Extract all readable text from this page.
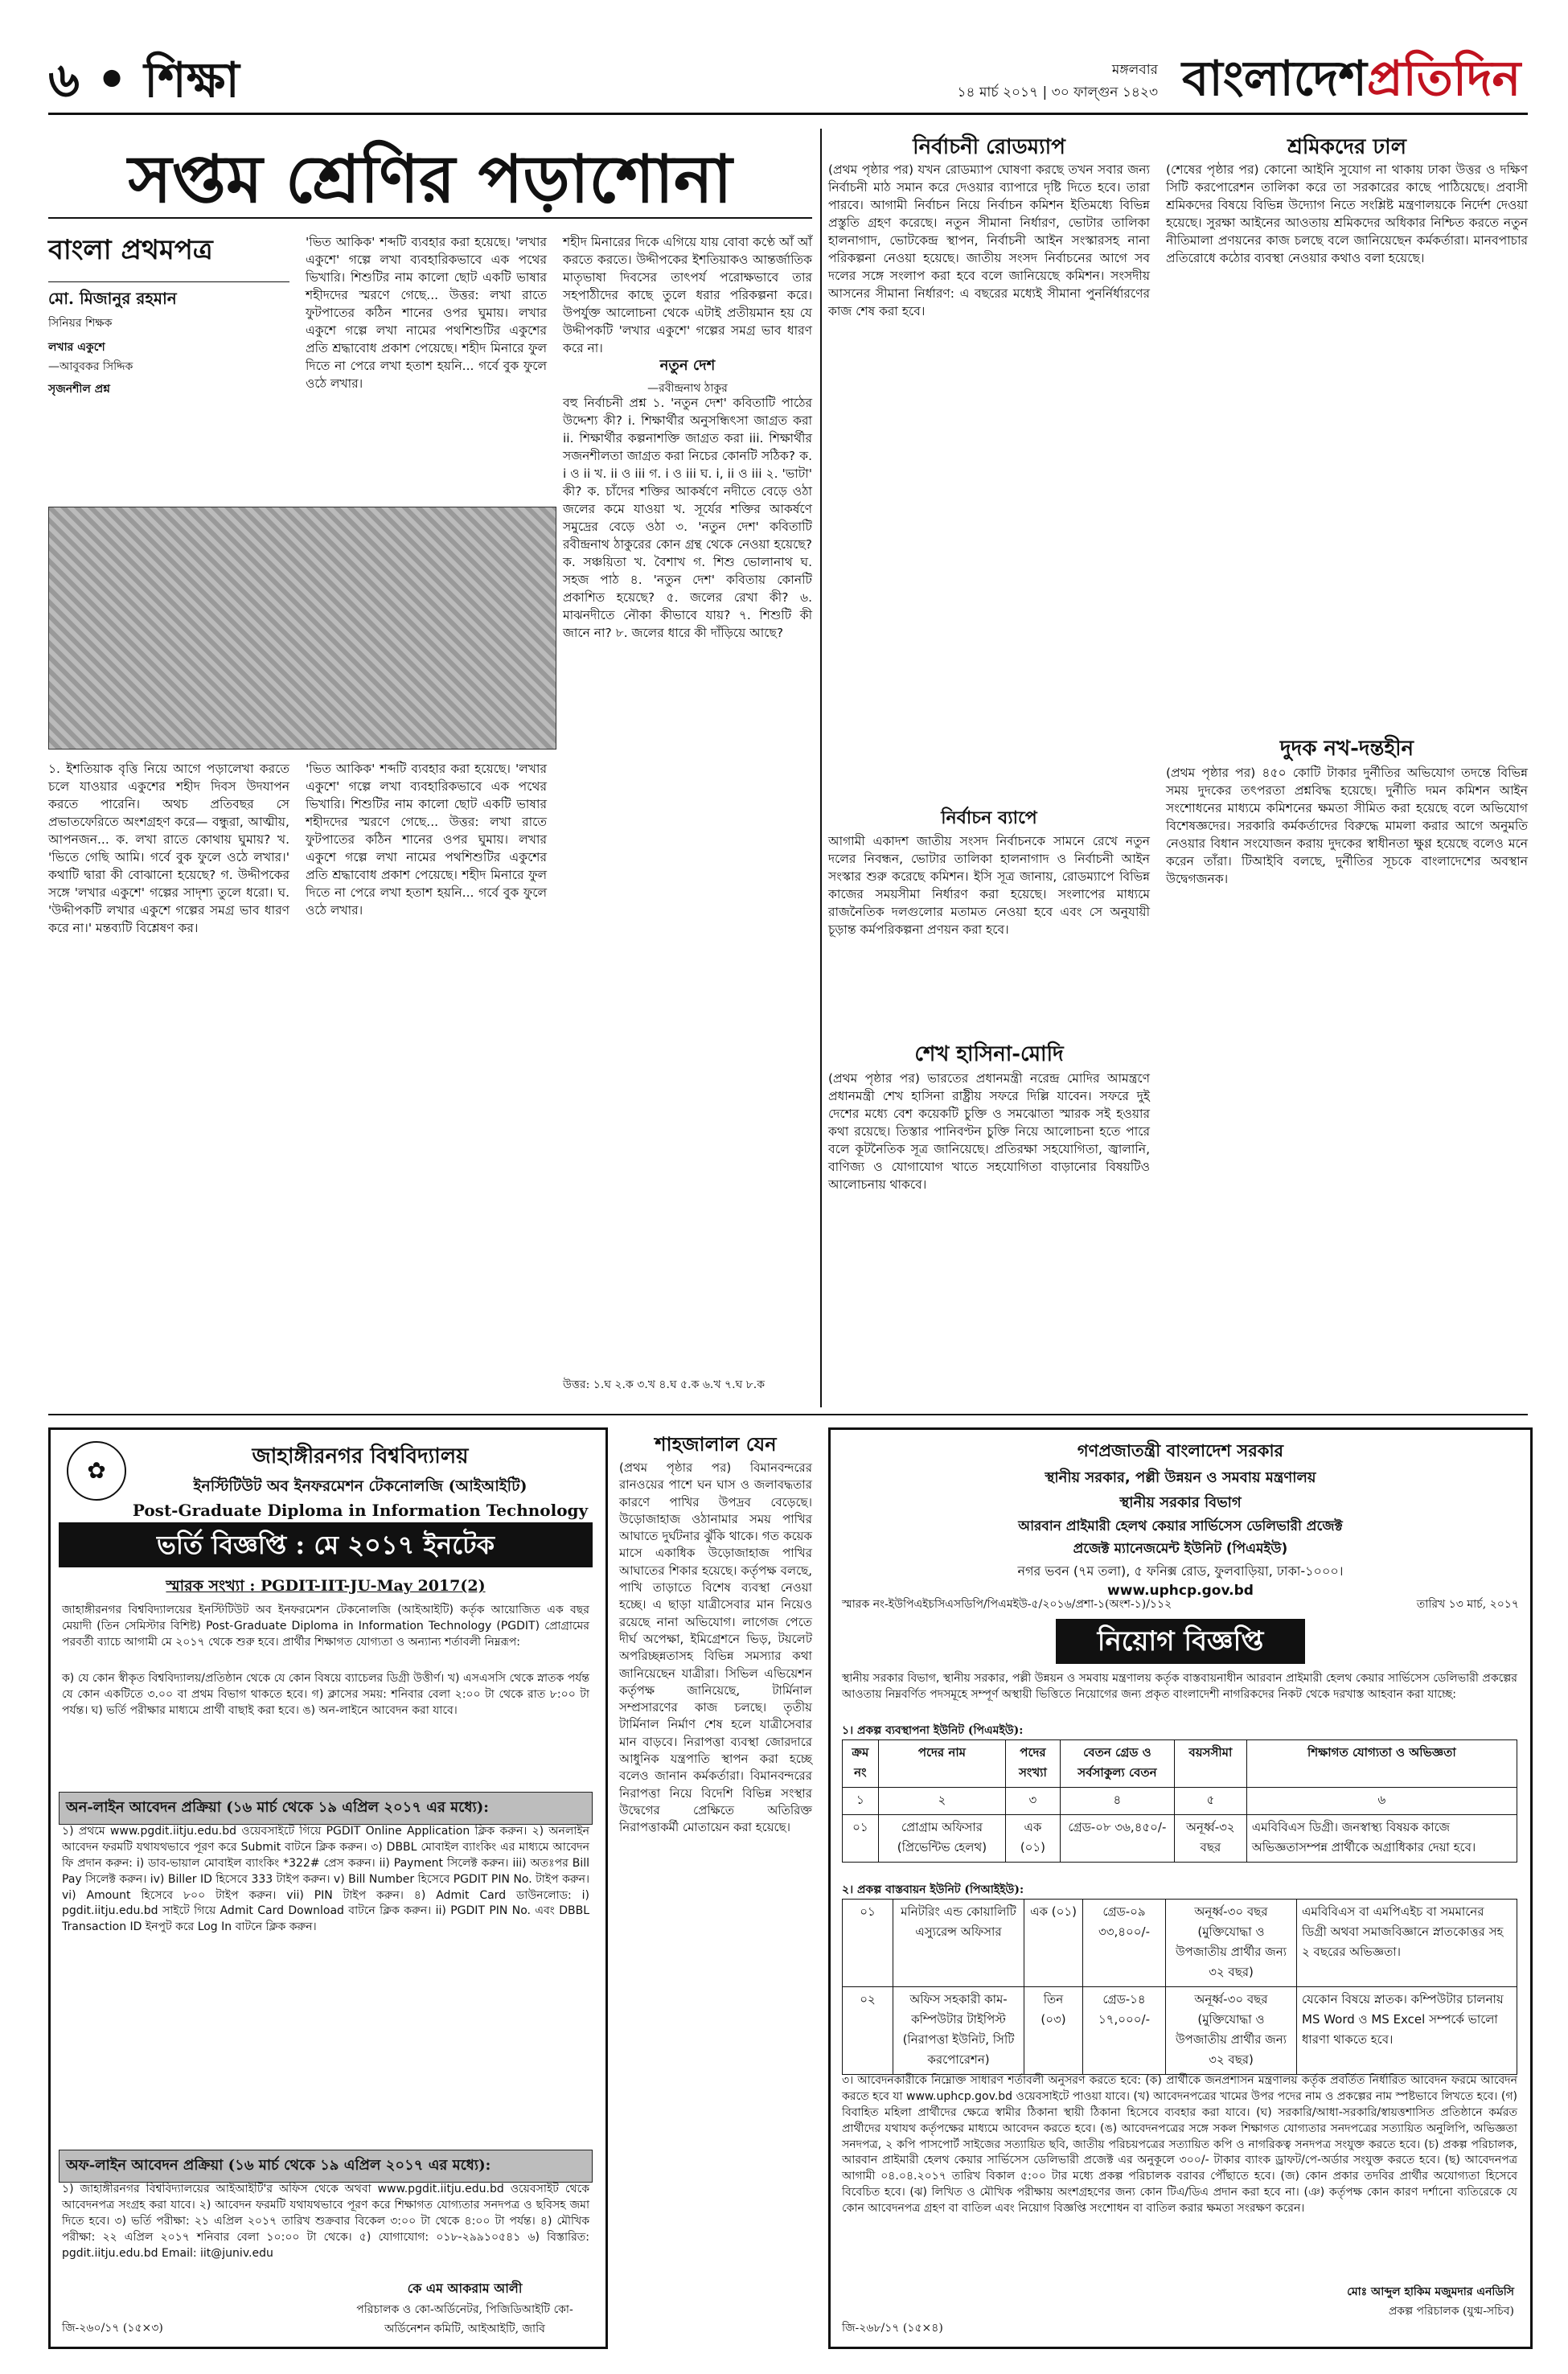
৬ • শিক্ষা	মঙ্গলবার
১৪ মার্চ ২০১৭ | ৩০ ফাল্গুন ১৪২৩ বাংলাদেশপ্রতিদিন
সপ্তম শ্রেণির পড়াশোনা
বাংলা প্রথমপত্র
মো. মিজানুর রহমান
সিনিয়র শিক্ষক
লখার একুশে
—আবুবকর সিদ্দিক
সৃজনশীল প্রশ্ন
১. ইশতিয়াক বৃত্তি নিয়ে আগে পড়ালেখা করতে চলে যাওয়ার একুশের শহীদ দিবস উদযাপন করতে পারেনি। অথচ প্রতিবছর সে প্রভাতফেরিতে অংশগ্রহণ করে— বন্ধুরা, আত্মীয়, আপনজন... ক. লখা রাতে কোথায় ঘুমায়? খ. 'ভিতে গেছি আমি। গর্বে বুক ফুলে ওঠে লখার।' কথাটি দ্বারা কী বোঝানো হয়েছে? গ. উদ্দীপকের সঙ্গে 'লখার একুশে' গল্পের সাদৃশ্য তুলে ধরো। ঘ. 'উদ্দীপকটি লখার একুশে গল্পের সমগ্র ভাব ধারণ করে না।' মন্তব্যটি বিশ্লেষণ কর।
'ভিত আকিক' শব্দটি ব্যবহার করা হয়েছে। 'লখার একুশে' গল্পে লখা ব্যবহারিকভাবে এক পথের ভিখারি। শিশুটির নাম কালো ছোট একটি ভাষার শহীদদের স্মরণে গেছে... উত্তর: লখা রাতে ফুটপাতের কঠিন শানের ওপর ঘুমায়। লখার একুশে গল্পে লখা নামের পথশিশুটির একুশের প্রতি শ্রদ্ধাবোধ প্রকাশ পেয়েছে। শহীদ মিনারে ফুল দিতে না পেরে লখা হতাশ হয়নি... গর্বে বুক ফুলে ওঠে লখার।
'ভিত আকিক' শব্দটি ব্যবহার করা হয়েছে। 'লখার একুশে' গল্পে লখা ব্যবহারিকভাবে এক পথের ভিখারি। শিশুটির নাম কালো ছোট একটি ভাষার শহীদদের স্মরণে গেছে... উত্তর: লখা রাতে ফুটপাতের কঠিন শানের ওপর ঘুমায়। লখার একুশে গল্পে লখা নামের পথশিশুটির একুশের প্রতি শ্রদ্ধাবোধ প্রকাশ পেয়েছে। শহীদ মিনারে ফুল দিতে না পেরে লখা হতাশ হয়নি... গর্বে বুক ফুলে ওঠে লখার।
শহীদ মিনারের দিকে এগিয়ে যায় বোবা কণ্ঠে আঁ আঁ করতে করতে। উদ্দীপকের ইশতিয়াকও আন্তর্জাতিক মাতৃভাষা দিবসের তাৎপর্য পরোক্ষভাবে তার সহপাঠীদের কাছে তুলে ধরার পরিকল্পনা করে। উপর্যুক্ত আলোচনা থেকে এটাই প্রতীয়মান হয় যে উদ্দীপকটি 'লখার একুশে' গল্পের সমগ্র ভাব ধারণ করে না।
নতুন দেশ
—রবীন্দ্রনাথ ঠাকুর
বহু নির্বাচনী প্রশ্ন ১. 'নতুন দেশ' কবিতাটি পাঠের উদ্দেশ্য কী? i. শিক্ষার্থীর অনুসন্ধিৎসা জাগ্রত করা ii. শিক্ষার্থীর কল্পনাশক্তি জাগ্রত করা iii. শিক্ষার্থীর সজনশীলতা জাগ্রত করা নিচের কোনটি সঠিক? ক. i ও ii খ. ii ও iii গ. i ও iii ঘ. i, ii ও iii ২. 'ভাটা' কী? ক. চাঁদের শক্তির আকর্ষণে নদীতে বেড়ে ওঠা জলের কমে যাওয়া খ. সূর্যের শক্তির আকর্ষণে সমুদ্রের বেড়ে ওঠা ৩. 'নতুন দেশ' কবিতাটি রবীন্দ্রনাথ ঠাকুরের কোন গ্রন্থ থেকে নেওয়া হয়েছে? ক. সঞ্চয়িতা খ. বৈশাখ গ. শিশু ভোলানাথ ঘ. সহজ পাঠ ৪. 'নতুন দেশ' কবিতায় কোনটি প্রকাশিত হয়েছে? ৫. জলের রেখা কী? ৬. মাঝনদীতে নৌকা কীভাবে যায়? ৭. শিশুটি কী জানে না? ৮. জলের ধারে কী দাঁড়িয়ে আছে?
উত্তর: ১.ঘ ২.ক ৩.খ ৪.ঘ ৫.ক ৬.খ ৭.ঘ ৮.ক
নির্বাচনী রোডম্যাপ
(প্রথম পৃষ্ঠার পর) যখন রোডম্যাপ ঘোষণা করছে তখন সবার জন্য নির্বাচনী মাঠ সমান করে দেওয়ার ব্যাপারে দৃষ্টি দিতে হবে। তারা পারবে। আগামী নির্বাচন নিয়ে নির্বাচন কমিশন ইতিমধ্যে বিভিন্ন প্রস্তুতি গ্রহণ করেছে। নতুন সীমানা নির্ধারণ, ভোটার তালিকা হালনাগাদ, ভোটকেন্দ্র স্থাপন, নির্বাচনী আইন সংস্কারসহ নানা পরিকল্পনা নেওয়া হয়েছে। জাতীয় সংসদ নির্বাচনের আগে সব দলের সঙ্গে সংলাপ করা হবে বলে জানিয়েছে কমিশন। সংসদীয় আসনের সীমানা নির্ধারণ: এ বছরের মধ্যেই সীমানা পুনর্নির্ধারণের কাজ শেষ করা হবে।
নির্বাচন ব্যাপে
আগামী একাদশ জাতীয় সংসদ নির্বাচনকে সামনে রেখে নতুন দলের নিবন্ধন, ভোটার তালিকা হালনাগাদ ও নির্বাচনী আইন সংস্কার শুরু করেছে কমিশন। ইসি সূত্র জানায়, রোডম্যাপে বিভিন্ন কাজের সময়সীমা নির্ধারণ করা হয়েছে। সংলাপের মাধ্যমে রাজনৈতিক দলগুলোর মতামত নেওয়া হবে এবং সে অনুযায়ী চূড়ান্ত কর্মপরিকল্পনা প্রণয়ন করা হবে।
শ্রমিকদের ঢাল
(শেষের পৃষ্ঠার পর) কোনো আইনি সুযোগ না থাকায় ঢাকা উত্তর ও দক্ষিণ সিটি করপোরেশন তালিকা করে তা সরকারের কাছে পাঠিয়েছে। প্রবাসী শ্রমিকদের বিষয়ে বিভিন্ন উদ্যোগ নিতে সংশ্লিষ্ট মন্ত্রণালয়কে নির্দেশ দেওয়া হয়েছে। সুরক্ষা আইনের আওতায় শ্রমিকদের অধিকার নিশ্চিত করতে নতুন নীতিমালা প্রণয়নের কাজ চলছে বলে জানিয়েছেন কর্মকর্তারা। মানবপাচার প্রতিরোধে কঠোর ব্যবস্থা নেওয়ার কথাও বলা হয়েছে।
দুদক নখ-দন্তহীন
(প্রথম পৃষ্ঠার পর) ৪৫০ কোটি টাকার দুর্নীতির অভিযোগ তদন্তে বিভিন্ন সময় দুদকের তৎপরতা প্রশ্নবিদ্ধ হয়েছে। দুর্নীতি দমন কমিশন আইন সংশোধনের মাধ্যমে কমিশনের ক্ষমতা সীমিত করা হয়েছে বলে অভিযোগ বিশেষজ্ঞদের। সরকারি কর্মকর্তাদের বিরুদ্ধে মামলা করার আগে অনুমতি নেওয়ার বিধান সংযোজন করায় দুদকের স্বাধীনতা ক্ষুণ্ণ হয়েছে বলেও মনে করেন তাঁরা। টিআইবি বলছে, দুর্নীতির সূচকে বাংলাদেশের অবস্থান উদ্বেগজনক।
শেখ হাসিনা-মোদি
(প্রথম পৃষ্ঠার পর) ভারতের প্রধানমন্ত্রী নরেন্দ্র মোদির আমন্ত্রণে প্রধানমন্ত্রী শেখ হাসিনা রাষ্ট্রীয় সফরে দিল্লি যাবেন। সফরে দুই দেশের মধ্যে বেশ কয়েকটি চুক্তি ও সমঝোতা স্মারক সই হওয়ার কথা রয়েছে। তিস্তার পানিবণ্টন চুক্তি নিয়ে আলোচনা হতে পারে বলে কূটনৈতিক সূত্র জানিয়েছে। প্রতিরক্ষা সহযোগিতা, জ্বালানি, বাণিজ্য ও যোগাযোগ খাতে সহযোগিতা বাড়ানোর বিষয়টিও আলোচনায় থাকবে।
✿
জাহাঙ্গীরনগর বিশ্ববিদ্যালয়
ইনস্টিটিউট অব ইনফরমেশন টেকনোলজি (আইআইটি)
Post-Graduate Diploma in Information Technology
ভর্তি বিজ্ঞপ্তি : মে ২০১৭ ইনটেক
স্মারক সংখ্যা : PGDIT-IIT-JU-May 2017(2)
জাহাঙ্গীরনগর বিশ্ববিদ্যালয়ের ইনস্টিটিউট অব ইনফরমেশন টেকনোলজি (আইআইটি) কর্তৃক আয়োজিত এক বছর মেয়াদী (তিন সেমিস্টার বিশিষ্ট) Post-Graduate Diploma in Information Technology (PGDIT) প্রোগ্রামের পরবর্তী ব্যাচে আগামী মে ২০১৭ থেকে শুরু হবে। প্রার্থীর শিক্ষাগত যোগ্যতা ও অন্যান্য শর্তাবলী নিম্নরূপ:
ক) যে কোন স্বীকৃত বিশ্ববিদ্যালয়/প্রতিষ্ঠান থেকে যে কোন বিষয়ে ব্যাচেলর ডিগ্রী উত্তীর্ণ। খ) এসএসসি থেকে স্নাতক পর্যন্ত যে কোন একটিতে ৩.০০ বা প্রথম বিভাগ থাকতে হবে। গ) ক্লাসের সময়: শনিবার বেলা ২:০০ টা থেকে রাত ৮:০০ টা পর্যন্ত। ঘ) ভর্তি পরীক্ষার মাধ্যমে প্রার্থী বাছাই করা হবে। ঙ) অন-লাইনে আবেদন করা যাবে।
অন-লাইন আবেদন প্রক্রিয়া (১৬ মার্চ থেকে ১৯ এপ্রিল ২০১৭ এর মধ্যে):
১) প্রথমে www.pgdit.iitju.edu.bd ওয়েবসাইটে গিয়ে PGDIT Online Application ক্লিক করুন। ২) অনলাইন আবেদন ফরমটি যথাযথভাবে পূরণ করে Submit বাটনে ক্লিক করুন। ৩) DBBL মোবাইল ব্যাংকিং এর মাধ্যমে আবেদন ফি প্রদান করুন: i) ডাব-ভায়াল মোবাইল ব্যাংকিং *322# প্রেস করুন। ii) Payment সিলেক্ট করুন। iii) অতঃপর Bill Pay সিলেক্ট করুন। iv) Biller ID হিসেবে 333 টাইপ করুন। v) Bill Number হিসেবে PGDIT PIN No. টাইপ করুন। vi) Amount হিসেবে ৮০০ টাইপ করুন। vii) PIN টাইপ করুন। ৪) Admit Card ডাউনলোড: i) pgdit.iitju.edu.bd সাইটে গিয়ে Admit Card Download বাটনে ক্লিক করুন। ii) PGDIT PIN No. এবং DBBL Transaction ID ইনপুট করে Log In বাটনে ক্লিক করুন।
অফ-লাইন আবেদন প্রক্রিয়া (১৬ মার্চ থেকে ১৯ এপ্রিল ২০১৭ এর মধ্যে):
১) জাহাঙ্গীরনগর বিশ্ববিদ্যালয়ের আইআইটি'র অফিস থেকে অথবা www.pgdit.iitju.edu.bd ওয়েবসাইট থেকে আবেদনপত্র সংগ্রহ করা যাবে। ২) আবেদন ফরমটি যথাযথভাবে পূরণ করে শিক্ষাগত যোগ্যতার সনদপত্র ও ছবিসহ জমা দিতে হবে। ৩) ভর্তি পরীক্ষা: ২১ এপ্রিল ২০১৭ তারিখ শুক্রবার বিকেল ৩:০০ টা থেকে ৪:০০ টা পর্যন্ত। ৪) মৌখিক পরীক্ষা: ২২ এপ্রিল ২০১৭ শনিবার বেলা ১০:০০ টা থেকে। ৫) যোগাযোগ: ০১৮-২৯৯১০৫৪১ ৬) বিস্তারিত: pgdit.iitju.edu.bd Email: iit@juniv.edu
কে এম আকরাম আলী
পরিচালক ও কো-অর্ডিনেটর, পিজিডিআইটি কো-অর্ডিনেশন কমিটি, আইআইটি, জাবি
জি-২৬০/১৭ (১৫×৩)
শাহজালাল যেন
(প্রথম পৃষ্ঠার পর) বিমানবন্দরের রানওয়ের পাশে ঘন ঘাস ও জলাবদ্ধতার কারণে পাখির উপদ্রব বেড়েছে। উড়োজাহাজ ওঠানামার সময় পাখির আঘাতে দুর্ঘটনার ঝুঁকি থাকে। গত কয়েক মাসে একাধিক উড়োজাহাজ পাখির আঘাতের শিকার হয়েছে। কর্তৃপক্ষ বলছে, পাখি তাড়াতে বিশেষ ব্যবস্থা নেওয়া হচ্ছে। এ ছাড়া যাত্রীসেবার মান নিয়েও রয়েছে নানা অভিযোগ। লাগেজ পেতে দীর্ঘ অপেক্ষা, ইমিগ্রেশনে ভিড়, টয়লেট অপরিচ্ছন্নতাসহ বিভিন্ন সমস্যার কথা জানিয়েছেন যাত্রীরা। সিভিল এভিয়েশন কর্তৃপক্ষ জানিয়েছে, টার্মিনাল সম্প্রসারণের কাজ চলছে। তৃতীয় টার্মিনাল নির্মাণ শেষ হলে যাত্রীসেবার মান বাড়বে। নিরাপত্তা ব্যবস্থা জোরদারে আধুনিক যন্ত্রপাতি স্থাপন করা হচ্ছে বলেও জানান কর্মকর্তারা। বিমানবন্দরের নিরাপত্তা নিয়ে বিদেশি বিভিন্ন সংস্থার উদ্বেগের প্রেক্ষিতে অতিরিক্ত নিরাপত্তাকর্মী মোতায়েন করা হয়েছে।
গণপ্রজাতন্ত্রী বাংলাদেশ সরকার
স্থানীয় সরকার, পল্লী উন্নয়ন ও সমবায় মন্ত্রণালয়
স্থানীয় সরকার বিভাগ
আরবান প্রাইমারী হেলথ কেয়ার সার্ভিসেস ডেলিভারী প্রজেক্ট
প্রজেক্ট ম্যানেজমেন্ট ইউনিট (পিএমইউ)
নগর ভবন (৭ম তলা), ৫ ফনিক্স রোড, ফুলবাড়িয়া, ঢাকা-১০০০।
www.uphcp.gov.bd
স্মারক নং-ইউপিএইচসিএসডিপি/পিএমইউ-৫/২০১৬/প্রশা-১(অংশ-১)/১১২	তারিখ ১৩ মার্চ, ২০১৭
নিয়োগ বিজ্ঞপ্তি
স্থানীয় সরকার বিভাগ, স্থানীয় সরকার, পল্লী উন্নয়ন ও সমবায় মন্ত্রণালয় কর্তৃক বাস্তবায়নাধীন আরবান প্রাইমারী হেলথ কেয়ার সার্ভিসেস ডেলিভারী প্রকল্পের আওতায় নিম্নবর্ণিত পদসমূহে সম্পূর্ণ অস্থায়ী ভিত্তিতে নিয়োগের জন্য প্রকৃত বাংলাদেশী নাগরিকদের নিকট থেকে দরখাস্ত আহবান করা যাচ্ছে:
১। প্রকল্প ব্যবস্থাপনা ইউনিট (পিএমইউ):
ক্রম নং	পদের নাম	পদের সংখ্যা	বেতন গ্রেড ও সর্বসাকুল্য বেতন	বয়সসীমা	শিক্ষাগত যোগ্যতা ও অভিজ্ঞতা
১	২	৩	৪	৫	৬
০১	প্রোগ্রাম অফিসার (প্রিভেন্টিভ হেলথ)	এক (০১)	গ্রেড-০৮ ৩৬,৪৫০/-	অনূর্ধ্ব-৩২ বছর	এমবিবিএস ডিগ্রী। জনস্বাস্থ্য বিষয়ক কাজে অভিজ্ঞতাসম্পন্ন প্রার্থীকে অগ্রাধিকার দেয়া হবে।
২। প্রকল্প বাস্তবায়ন ইউনিট (পিআইইউ):
০১	মনিটরিং এন্ড কোয়ালিটি এস্যুরেন্স অফিসার	এক (০১)	গ্রেড-০৯ ৩৩,৪০০/-	অনূর্ধ্ব-৩০ বছর (মুক্তিযোদ্ধা ও উপজাতীয় প্রার্থীর জন্য ৩২ বছর)	এমবিবিএস বা এমপিএইচ বা সমমানের ডিগ্রী অথবা সমাজবিজ্ঞানে স্নাতকোত্তর সহ ২ বছরের অভিজ্ঞতা।
০২	অফিস সহকারী কাম-কম্পিউটার টাইপিস্ট (নিরাপত্তা ইউনিট, সিটি করপোরেশন)	তিন (০৩)	গ্রেড-১৪ ১৭,০০০/-	অনূর্ধ্ব-৩০ বছর (মুক্তিযোদ্ধা ও উপজাতীয় প্রার্থীর জন্য ৩২ বছর)	যেকোন বিষয়ে স্নাতক। কম্পিউটার চালনায় MS Word ও MS Excel সম্পর্কে ভালো ধারণা থাকতে হবে।
৩। আবেদনকারীকে নিম্নোক্ত সাধারণ শর্তাবলী অনুসরণ করতে হবে: (ক) প্রার্থীকে জনপ্রশাসন মন্ত্রণালয় কর্তৃক প্রবর্তিত নির্ধারিত আবেদন ফরমে আবেদন করতে হবে যা www.uphcp.gov.bd ওয়েবসাইটে পাওয়া যাবে। (খ) আবেদনপত্রের খামের উপর পদের নাম ও প্রকল্পের নাম স্পষ্টভাবে লিখতে হবে। (গ) বিবাহিত মহিলা প্রার্থীদের ক্ষেত্রে স্বামীর ঠিকানা স্থায়ী ঠিকানা হিসেবে ব্যবহার করা যাবে। (ঘ) সরকারি/আধা-সরকারি/স্বায়ত্তশাসিত প্রতিষ্ঠানে কর্মরত প্রার্থীদের যথাযথ কর্তৃপক্ষের মাধ্যমে আবেদন করতে হবে। (ঙ) আবেদনপত্রের সঙ্গে সকল শিক্ষাগত যোগ্যতার সনদপত্রের সত্যায়িত অনুলিপি, অভিজ্ঞতা সনদপত্র, ২ কপি পাসপোর্ট সাইজের সত্যায়িত ছবি, জাতীয় পরিচয়পত্রের সত্যায়িত কপি ও নাগরিকত্ব সনদপত্র সংযুক্ত করতে হবে। (চ) প্রকল্প পরিচালক, আরবান প্রাইমারী হেলথ কেয়ার সার্ভিসেস ডেলিভারী প্রজেক্ট এর অনুকূলে ৩০০/- টাকার ব্যাংক ড্রাফট/পে-অর্ডার সংযুক্ত করতে হবে। (ছ) আবেদনপত্র আগামী ০৪.০৪.২০১৭ তারিখ বিকাল ৫:০০ টার মধ্যে প্রকল্প পরিচালক বরাবর পৌঁছাতে হবে। (জ) কোন প্রকার তদবির প্রার্থীর অযোগ্যতা হিসেবে বিবেচিত হবে। (ঝ) লিখিত ও মৌখিক পরীক্ষায় অংশগ্রহণের জন্য কোন টিএ/ডিএ প্রদান করা হবে না। (ঞ) কর্তৃপক্ষ কোন কারণ দর্শানো ব্যতিরেকে যে কোন আবেদনপত্র গ্রহণ বা বাতিল এবং নিয়োগ বিজ্ঞপ্তি সংশোধন বা বাতিল করার ক্ষমতা সংরক্ষণ করেন।
মোঃ আব্দুল হাকিম মজুমদার এনডিসি
প্রকল্প পরিচালক (যুগ্ম-সচিব)
জি-২৬৮/১৭ (১৫×৪)
